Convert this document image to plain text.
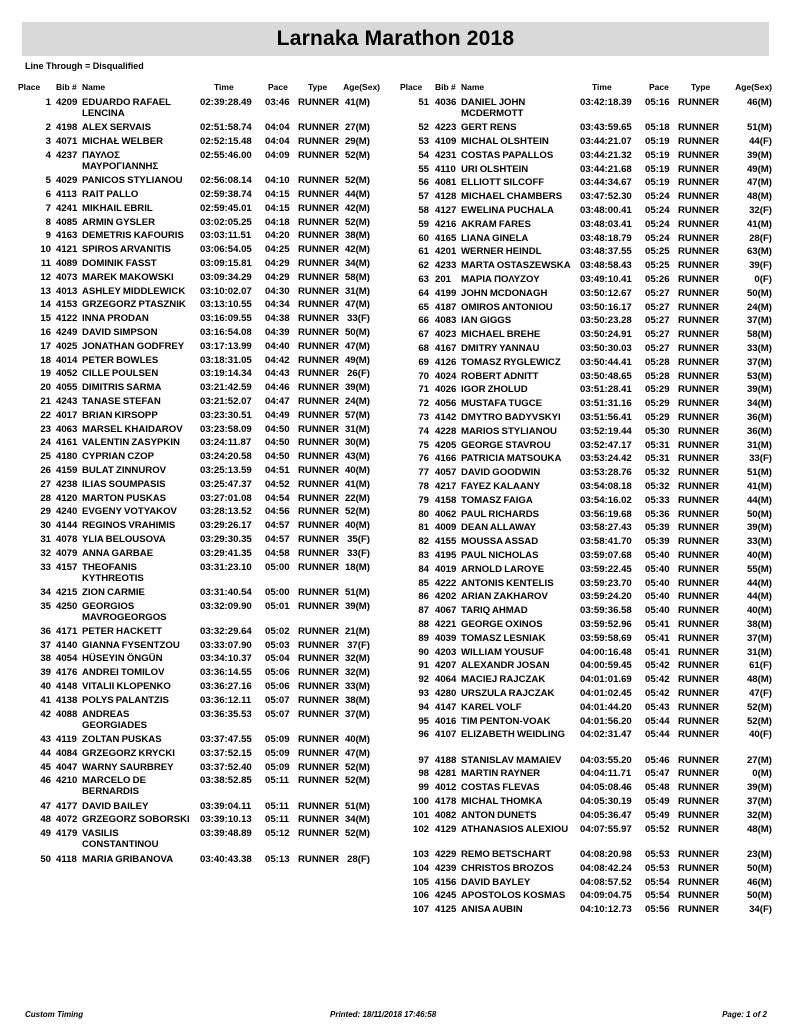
Larnaka Marathon 2018
Line Through = Disqualified
Place Bib # Name	Time	Pace Type Age(Sex)
1 4209 EDUARDO RAFAEL LENCINA
02:39:28.49 03:46 RUNNER 41(M)
2 4198 ALEX SERVAIS	02:51:58.74 04:04 RUNNER 27(M)
3 4071 MICHAŁ WELBER	02:52:15.48 04:04 RUNNER 29(M)
4 4237 ΠΑΥΛΟΣ ΜΑΥΡΟΓΙΑΝΝΗΣ
02:55:46.00 04:09 RUNNER 52(M)
5 4029 PANICOS STYLIANOU	02:56:08.14 04:10 RUNNER 52(M)
6 4113 RAIT PALLO	02:59:38.74 04:15 RUNNER 44(M)
7 4241 MIKHAIL EBRIL	02:59:45.01 04:15 RUNNER 42(M)
8 4085 ARMIN GYSLER	03:02:05.25 04:18 RUNNER 52(M)
9 4163 DEMETRIS KAFOURIS	03:03:11.51 04:20 RUNNER 38(M)
10 4121 SPIROS ARVANITIS	03:06:54.05 04:25 RUNNER 42(M)
11 4089 DOMINIK FASST	03:09:15.81 04:29 RUNNER 34(M)
12 4073 MAREK MAKOWSKI	03:09:34.29 04:29 RUNNER 58(M)
13 4013 ASHLEY MIDDLEWICK	03:10:02.07 04:30 RUNNER 31(M)
14 4153 GRZEGORZ PTASZNIK	03:13:10.55 04:34 RUNNER 47(M)
15 4122 INNA PRODAN	03:16:09.55 04:38 RUNNER 33(F)
16 4249 DAVID SIMPSON	03:16:54.08 04:39 RUNNER 50(M)
17 4025 JONATHAN GODFREY	03:17:13.99 04:40 RUNNER 47(M)
18 4014 PETER BOWLES	03:18:31.05 04:42 RUNNER 49(M)
19 4052 CILLE POULSEN	03:19:14.34 04:43 RUNNER 26(F)
20 4055 DIMITRIS SARMA	03:21:42.59 04:46 RUNNER 39(M)
21 4243 TANASE STEFAN	03:21:52.07 04:47 RUNNER 24(M)
22 4017 BRIAN KIRSOPP	03:23:30.51 04:49 RUNNER 57(M)
23 4063 MARSEL KHAIDAROV	03:23:58.09 04:50 RUNNER 31(M)
24 4161 VALENTIN ZASYPKIN	03:24:11.87 04:50 RUNNER 30(M)
25 4180 CYPRIAN CZOP	03:24:20.58 04:50 RUNNER 43(M)
26 4159 BULAT ZINNUROV	03:25:13.59 04:51 RUNNER 40(M)
27 4238 ILIAS SOUMPASIS	03:25:47.37 04:52 RUNNER 41(M)
28 4120 MARTON PUSKAS	03:27:01.08 04:54 RUNNER 22(M)
29 4240 EVGENY VOTYAKOV	03:28:13.52 04:56 RUNNER 52(M)
30 4144 REGINOS VRAHIMIS	03:29:26.17 04:57 RUNNER 40(M)
31 4078 YLIA BELOUSOVA	03:29:30.35 04:57 RUNNER 35(F)
32 4079 ANNA GARBAE	03:29:41.35 04:58 RUNNER 33(F)
33 4157 THEOFANIS KYTHREOTIS
03:31:23.10 05:00 RUNNER 18(M)
34 4215 ZION CARMIE	03:31:40.54 05:00 RUNNER 51(M)
35 4250 GEORGIOS MAVROGEORGOS
03:32:09.90 05:01 RUNNER 39(M)
36 4171 PETER HACKETT	03:32:29.64 05:02 RUNNER 21(M)
37 4140 GIANNA FYSENTZOU	03:33:07.90 05:03 RUNNER 37(F)
38 4054 HÜSEYIN ÖNGÜN	03:34:10.37 05:04 RUNNER 32(M)
39 4176 ANDREI TOMILOV	03:36:14.55 05:06 RUNNER 32(M)
40 4148 VITALII KLOPENKO	03:36:27.16 05:06 RUNNER 33(M)
41 4138 POLYS PALANTZIS	03:36:12.11 05:07 RUNNER 38(M)
42 4088 ANDREAS GEORGIADES
03:36:35.53 05:07 RUNNER 37(M)
43 4119 ZOLTAN PUSKAS	03:37:47.55 05:09 RUNNER 40(M)
44 4084 GRZEGORZ KRYCKI	03:37:52.15 05:09 RUNNER 47(M)
45 4047 WARNY SAURBREY	03:37:52.40 05:09 RUNNER 52(M)
46 4210 MARCELO DE BERNARDIS
03:38:52.85 05:11 RUNNER 52(M)
47 4177 DAVID BAILEY	03:39:04.11 05:11 RUNNER 51(M)
48 4072 GRZEGORZ SOBORSKI	03:39:10.13 05:11 RUNNER 34(M)
49 4179 VASILIS CONSTANTINOU
03:39:48.89 05:12 RUNNER 52(M)
50 4118 MARIA GRIBANOVA	03:40:43.38 05:13 RUNNER 28(F)
Place Bib # Name	Time	Pace	Type	Age(Sex)
51 4036 DANIEL JOHN MCDERMOTT
03:42:18.39 05:16 RUNNER	46(M)
52 4223 GERT RENS	03:43:59.65 05:18 RUNNER	51(M)
53 4109 MICHAL OLSHTEIN	03:44:21.07 05:19 RUNNER	44(F)
54 4231 COSTAS PAPALLOS	03:44:21.32 05:19 RUNNER	39(M)
55 4110 URI OLSHTEIN	03:44:21.68 05:19 RUNNER	49(M)
56 4081 ELLIOTT SILCOFF	03:44:34.67 05:19 RUNNER	47(M)
57 4128 MICHAEL CHAMBERS	03:47:52.30 05:24 RUNNER	48(M)
58 4127 EWELINA PUCHALA	03:48:00.41 05:24 RUNNER	32(F)
59 4216 AKRAM FARES	03:48:03.41 05:24 RUNNER	41(M)
60 4165 LIANA GINELA	03:48:18.79 05:24 RUNNER	28(F)
61 4201 WERNER HEINDL	03:48:37.55 05:25 RUNNER	63(M)
62 4233 MARTA OSTASZEWSKA 03:48:58.43 05:25 RUNNER	39(F)
63 201 ΜΑΡΙΑ ΠΟΛΥΖΟΥ	03:49:10.41 05:26 RUNNER	0(F)
64 4199 JOHN MCDONAGH	03:50:12.67 05:27 RUNNER	50(M)
65 4187 OMIROS ANTONIOU	03:50:16.17 05:27 RUNNER	24(M)
66 4083 IAN GIGGS	03:50:23.28 05:27 RUNNER	37(M)
67 4023 MICHAEL BREHE	03:50:24.91 05:27 RUNNER	58(M)
68 4167 DMITRY YANNAU	03:50:30.03 05:27 RUNNER	33(M)
69 4126 TOMASZ RYGLEWICZ	03:50:44.41 05:28 RUNNER	37(M)
70 4024 ROBERT ADNITT	03:50:48.65 05:28 RUNNER	53(M)
71 4026 IGOR ZHOLUD	03:51:28.41 05:29 RUNNER	39(M)
72 4056 MUSTAFA TUGCE	03:51:31.16 05:29 RUNNER	34(M)
73 4142 DMYTRO BADYVSKYI	03:51:56.41 05:29 RUNNER	36(M)
74 4228 MARIOS STYLIANOU	03:52:19.44 05:30 RUNNER	36(M)
75 4205 GEORGE STAVROU	03:52:47.17 05:31 RUNNER	31(M)
76 4166 PATRICIA MATSOUKA	03:53:24.42 05:31 RUNNER	33(F)
77 4057 DAVID GOODWIN	03:53:28.76 05:32 RUNNER	51(M)
78 4217 FAYEZ KALAANY	03:54:08.18 05:32 RUNNER	41(M)
79 4158 TOMASZ FAIGA	03:54:16.02 05:33 RUNNER	44(M)
80 4062 PAUL RICHARDS	03:56:19.68 05:36 RUNNER	50(M)
81 4009 DEAN ALLAWAY	03:58:27.43 05:39 RUNNER	39(M)
82 4155 MOUSSA ASSAD	03:58:41.70 05:39 RUNNER	33(M)
83 4195 PAUL NICHOLAS	03:59:07.68 05:40 RUNNER	40(M)
84 4019 ARNOLD LAROYE	03:59:22.45 05:40 RUNNER	55(M)
85 4222 ANTONIS KENTELIS	03:59:23.70 05:40 RUNNER	44(M)
86 4202 ARIAN ZAKHAROV	03:59:24.20 05:40 RUNNER	44(M)
87 4067 TARIQ AHMAD	03:59:36.58 05:40 RUNNER	40(M)
88 4221 GEORGE OXINOS	03:59:52.96 05:41 RUNNER	38(M)
89 4039 TOMASZ LESNIAK	03:59:58.69 05:41 RUNNER	37(M)
90 4203 WILLIAM YOUSUF	04:00:16.48 05:41 RUNNER	31(M)
91 4207 ALEXANDR JOSAN	04:00:59.45 05:42 RUNNER	61(F)
92 4064 MACIEJ RAJCZAK	04:01:01.69 05:42 RUNNER	48(M)
93 4280 URSZULA RAJCZAK	04:01:02.45 05:42 RUNNER	47(F)
94 4147 KAREL VOLF	04:01:44.20 05:43 RUNNER	52(M)
95 4016 TIM PENTON-VOAK	04:01:56.20 05:44 RUNNER	52(M)
96 4107 ELIZABETH WEIDLING	04:02:31.47 05:44 RUNNER	40(F)
97 4188 STANISLAV MAMAIEV	04:03:55.20 05:46 RUNNER	27(M)
98 4281 MARTIN RAYNER	04:04:11.71 05:47 RUNNER	0(M)
99 4012 COSTAS FLEVAS	04:05:08.46 05:48 RUNNER	39(M)
100 4178 MICHAL THOMKA	04:05:30.19 05:49 RUNNER	37(M)
101 4082 ANTON DUNETS	04:05:36.47 05:49 RUNNER	32(M)
102 4129 ATHANASIOS ALEXIOU	04:07:55.97 05:52 RUNNER	48(M)
103 4229 REMO BETSCHART	04:08:20.98 05:53 RUNNER	23(M)
104 4239 CHRISTOS BROZOS	04:08:42.24 05:53 RUNNER	50(M)
105 4156 DAVID BAYLEY	04:08:57.52 05:54 RUNNER	46(M)
106 4245 APOSTOLOS KOSMAS	04:09:04.75 05:54 RUNNER	50(M)
107 4125 ANISA AUBIN	04:10:12.73 05:56 RUNNER	34(F)
Custom Timing	Printed: 18/11/2018 17:46:58	Page: 1 of 2
